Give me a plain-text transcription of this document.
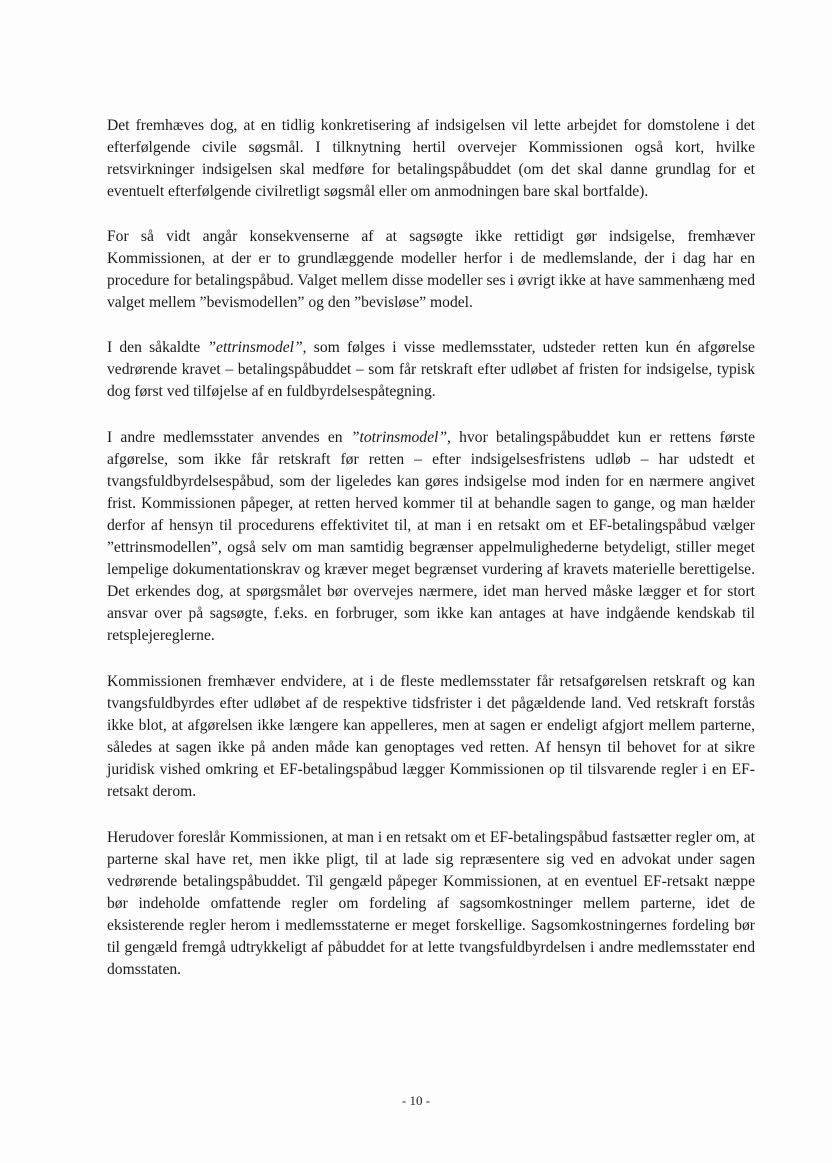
Det fremhæves dog, at en tidlig konkretisering af indsigelsen vil lette arbejdet for domstolene i det efterfølgende civile søgsmål. I tilknytning hertil overvejer Kommissionen også kort, hvilke retsvirkninger indsigelsen skal medføre for betalingspåbuddet (om det skal danne grundlag for et eventuelt efterfølgende civilretligt søgsmål eller om anmodningen bare skal bortfalde).

For så vidt angår konsekvenserne af at sagsøgte ikke rettidigt gør indsigelse, fremhæver Kommissionen, at der er to grundlæggende modeller herfor i de medlemslande, der i dag har en procedure for betalingspåbud. Valget mellem disse modeller ses i øvrigt ikke at have sammenhæng med valget mellem ”bevismodellen” og den ”bevisløse” model.

I den såkaldte ”ettrinsmodel”, som følges i visse medlemsstater, udsteder retten kun én afgørelse vedrørende kravet – betalingspåbuddet – som får retskraft efter udløbet af fristen for indsigelse, typisk dog først ved tilføjelse af en fuldbyrdelsespåtegning.

I andre medlemsstater anvendes en ”totrinsmodel”, hvor betalingspåbuddet kun er rettens første afgørelse, som ikke får retskraft før retten – efter indsigelsesfristens udløb – har udstedt et tvangsfuldbyrdelsespåbud, som der ligeledes kan gøres indsigelse mod inden for en nærmere angivet frist. Kommissionen påpeger, at retten herved kommer til at behandle sagen to gange, og man hælder derfor af hensyn til procedurens effektivitet til, at man i en retsakt om et EF-betalingspåbud vælger ”ettrinsmodellen”, også selv om man samtidig begrænser appelmulighederne betydeligt, stiller meget lempelige dokumentationskrav og kræver meget begrænset vurdering af kravets materielle berettigelse. Det erkendes dog, at spørgsmålet bør overvejes nærmere, idet man herved måske lægger et for stort ansvar over på sagsøgte, f.eks. en forbruger, som ikke kan antages at have indgående kendskab til retsplejereglerne.

Kommissionen fremhæver endvidere, at i de fleste medlemsstater får retsafgørelsen retskraft og kan tvangsfuldbyrdes efter udløbet af de respektive tidsfrister i det pågældende land. Ved retskraft forstås ikke blot, at afgørelsen ikke længere kan appelleres, men at sagen er endeligt afgjort mellem parterne, således at sagen ikke på anden måde kan genoptages ved retten. Af hensyn til behovet for at sikre juridisk vished omkring et EF-betalingspåbud lægger Kommissionen op til tilsvarende regler i en EF-retsakt derom.

Herudover foreslår Kommissionen, at man i en retsakt om et EF-betalingspåbud fastsætter regler om, at parterne skal have ret, men ikke pligt, til at lade sig repræsentere sig ved en advokat under sagen vedrørende betalingspåbuddet. Til gengæld påpeger Kommissionen, at en eventuel EF-retsakt næppe bør indeholde omfattende regler om fordeling af sagsomkostninger mellem parterne, idet de eksisterende regler herom i medlemsstaterne er meget forskellige. Sagsomkostningernes fordeling bør til gengæld fremgå udtrykkeligt af påbuddet for at lette tvangsfuldbyrdelsen i andre medlemsstater end domsstaten.

- 10 -
